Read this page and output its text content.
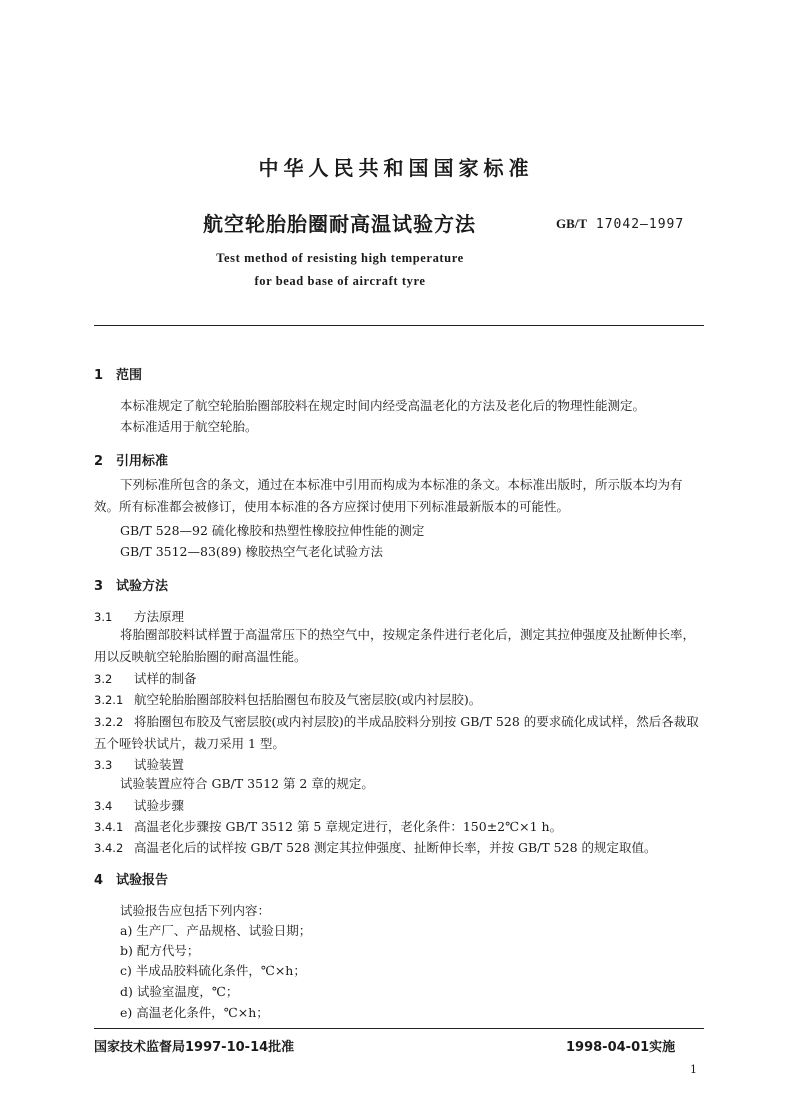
中华人民共和国国家标准
航空轮胎胎圈耐高温试验方法	GB/T 17042—1997
Test method of resisting high temperature
for bead base of aircraft tyre
1 范围
本标准规定了航空轮胎胎圈部胶料在规定时间内经受高温老化的方法及老化后的物理性能测定。
本标准适用于航空轮胎。
2 引用标准
下列标准所包含的条文，通过在本标准中引用而构成为本标准的条文。本标准出版时，所示版本均为有效。所有标准都会被修订，使用本标准的各方应探讨使用下列标准最新版本的可能性。
GB/T 528—92 硫化橡胶和热塑性橡胶拉伸性能的测定
GB/T 3512—83(89) 橡胶热空气老化试验方法
3 试验方法
3.1 方法原理
将胎圈部胶料试样置于高温常压下的热空气中，按规定条件进行老化后，测定其拉伸强度及扯断伸长率，用以反映航空轮胎胎圈的耐高温性能。
3.2 试样的制备
3.2.1 航空轮胎胎圈部胶料包括胎圈包布胶及气密层胶(或内衬层胶)。
3.2.2 将胎圈包布胶及气密层胶(或内衬层胶)的半成品胶料分别按 GB/T 528 的要求硫化成试样，然后各裁取五个哑铃状试片，裁刀采用 1 型。
3.3 试验装置
试验装置应符合 GB/T 3512 第 2 章的规定。
3.4 试验步骤
3.4.1 高温老化步骤按 GB/T 3512 第 5 章规定进行，老化条件：150±2℃×1 h。
3.4.2 高温老化后的试样按 GB/T 528 测定其拉伸强度、扯断伸长率，并按 GB/T 528 的规定取值。
4 试验报告
试验报告应包括下列内容：
a) 生产厂、产品规格、试验日期；
b) 配方代号；
c) 半成品胶料硫化条件，℃×h；
d) 试验室温度，℃；
e) 高温老化条件，℃×h；
国家技术监督局1997-10-14批准	1998-04-01实施
1
